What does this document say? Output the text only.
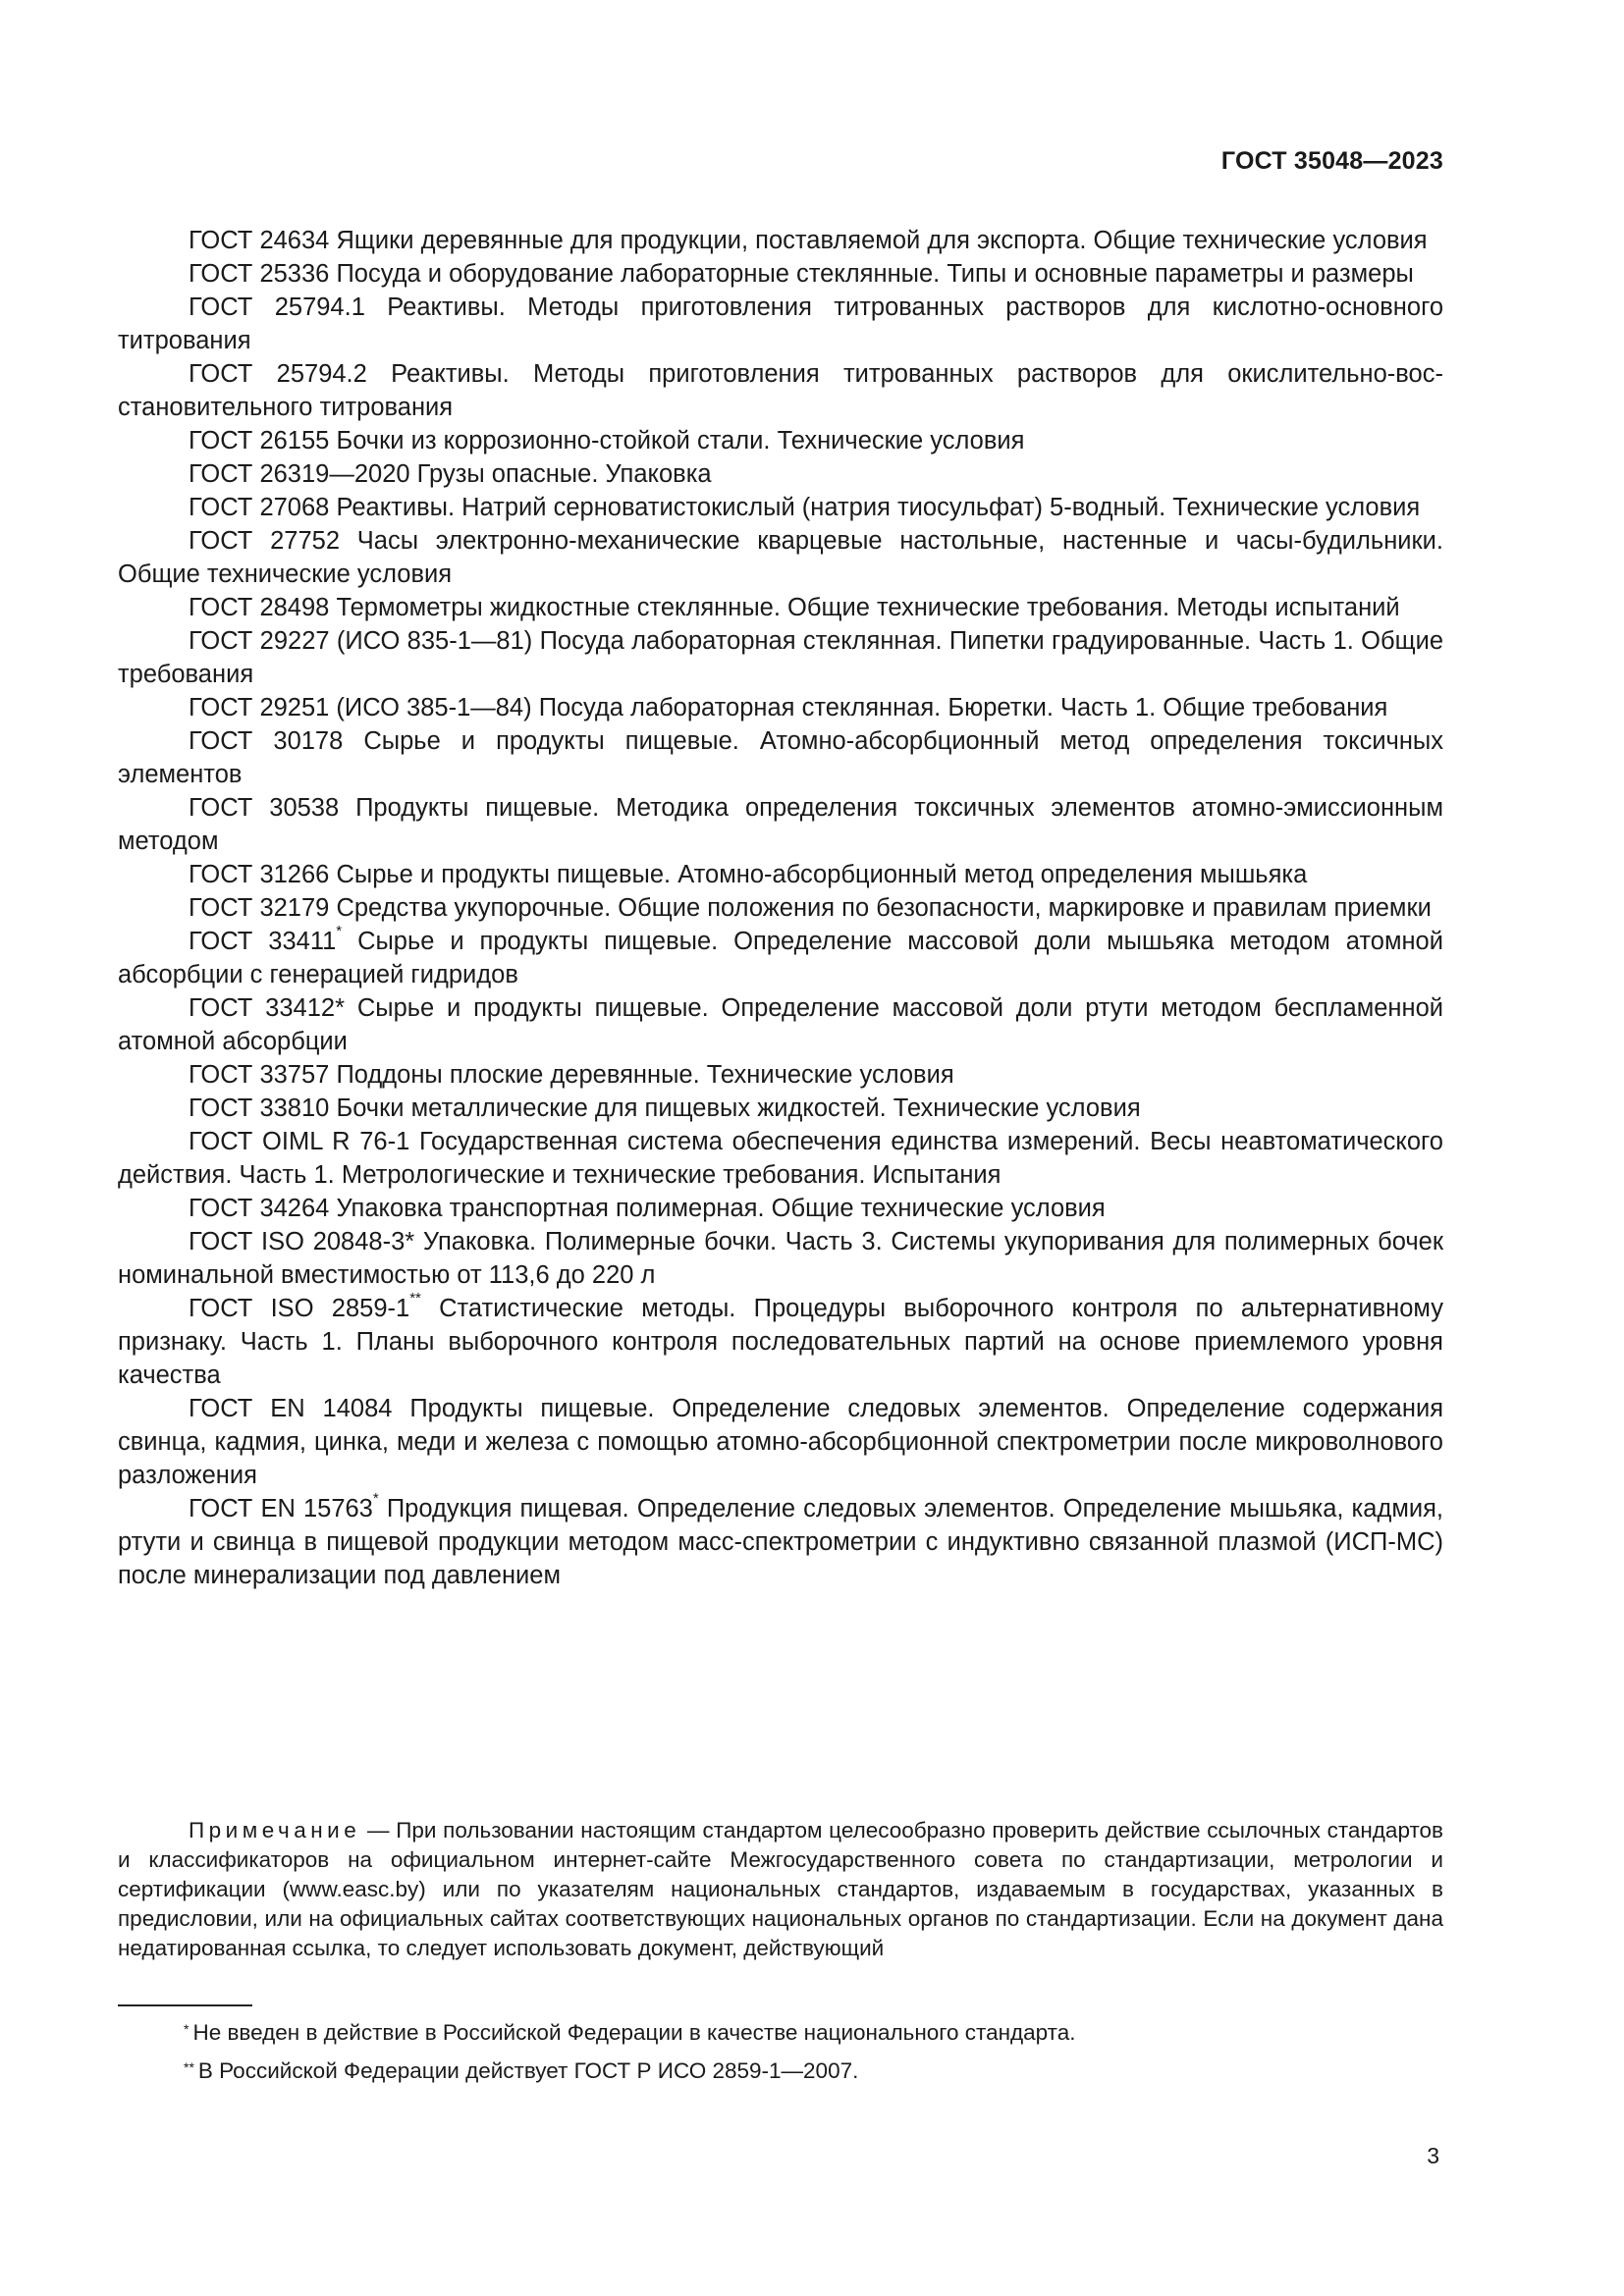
ГОСТ 35048—2023

ГОСТ 24634 Ящики деревянные для продукции, поставляемой для экспорта. Общие технические условия

ГОСТ 25336 Посуда и оборудование лабораторные стеклянные. Типы и основные параметры и размеры

ГОСТ 25794.1 Реактивы. Методы приготовления титрованных растворов для кислотно-основного титрования

ГОСТ 25794.2 Реактивы. Методы приготовления титрованных растворов для окислительно-восстановительного титрования

ГОСТ 26155 Бочки из коррозионно-стойкой стали. Технические условия

ГОСТ 26319—2020 Грузы опасные. Упаковка

ГОСТ 27068 Реактивы. Натрий серноватистокислый (натрия тиосульфат) 5-водный. Технические условия

ГОСТ 27752 Часы электронно-механические кварцевые настольные, настенные и часы-будильники. Общие технические условия

ГОСТ 28498 Термометры жидкостные стеклянные. Общие технические требования. Методы испытаний

ГОСТ 29227 (ИСО 835-1—81) Посуда лабораторная стеклянная. Пипетки градуированные. Часть 1. Общие требования

ГОСТ 29251 (ИСО 385-1—84) Посуда лабораторная стеклянная. Бюретки. Часть 1. Общие требования

ГОСТ 30178 Сырье и продукты пищевые. Атомно-абсорбционный метод определения токсичных элементов

ГОСТ 30538 Продукты пищевые. Методика определения токсичных элементов атомно-эмиссионным методом

ГОСТ 31266 Сырье и продукты пищевые. Атомно-абсорбционный метод определения мышьяка

ГОСТ 32179 Средства укупорочные. Общие положения по безопасности, маркировке и правилам приемки

ГОСТ 33411* Сырье и продукты пищевые. Определение массовой доли мышьяка методом атомной абсорбции с генерацией гидридов

ГОСТ 33412* Сырье и продукты пищевые. Определение массовой доли ртути методом беспламенной атомной абсорбции

ГОСТ 33757 Поддоны плоские деревянные. Технические условия

ГОСТ 33810 Бочки металлические для пищевых жидкостей. Технические условия

ГОСТ OIML R 76-1 Государственная система обеспечения единства измерений. Весы неавтоматического действия. Часть 1. Метрологические и технические требования. Испытания

ГОСТ 34264 Упаковка транспортная полимерная. Общие технические условия

ГОСТ ISO 20848-3* Упаковка. Полимерные бочки. Часть 3. Системы укупоривания для полимерных бочек номинальной вместимостью от 113,6 до 220 л

ГОСТ ISO 2859-1** Статистические методы. Процедуры выборочного контроля по альтернативному признаку. Часть 1. Планы выборочного контроля последовательных партий на основе приемлемого уровня качества

ГОСТ EN 14084 Продукты пищевые. Определение следовых элементов. Определение содержания свинца, кадмия, цинка, меди и железа с помощью атомно-абсорбционной спектрометрии после микроволнового разложения

ГОСТ EN 15763* Продукция пищевая. Определение следовых элементов. Определение мышьяка, кадмия, ртути и свинца в пищевой продукции методом масс-спектрометрии с индуктивно связанной плазмой (ИСП-МС) после минерализации под давлением

Примечание — При пользовании настоящим стандартом целесообразно проверить действие ссылочных стандартов и классификаторов на официальном интернет-сайте Межгосударственного совета по стандартизации, метрологии и сертификации (www.easc.by) или по указателям национальных стандартов, издаваемым в государствах, указанных в предисловии, или на официальных сайтах соответствующих национальных органов по стандартизации. Если на документ дана недатированная ссылка, то следует использовать документ, действующий

* Не введен в действие в Российской Федерации в качестве национального стандарта.

** В Российской Федерации действует ГОСТ Р ИСО 2859-1—2007.

3
